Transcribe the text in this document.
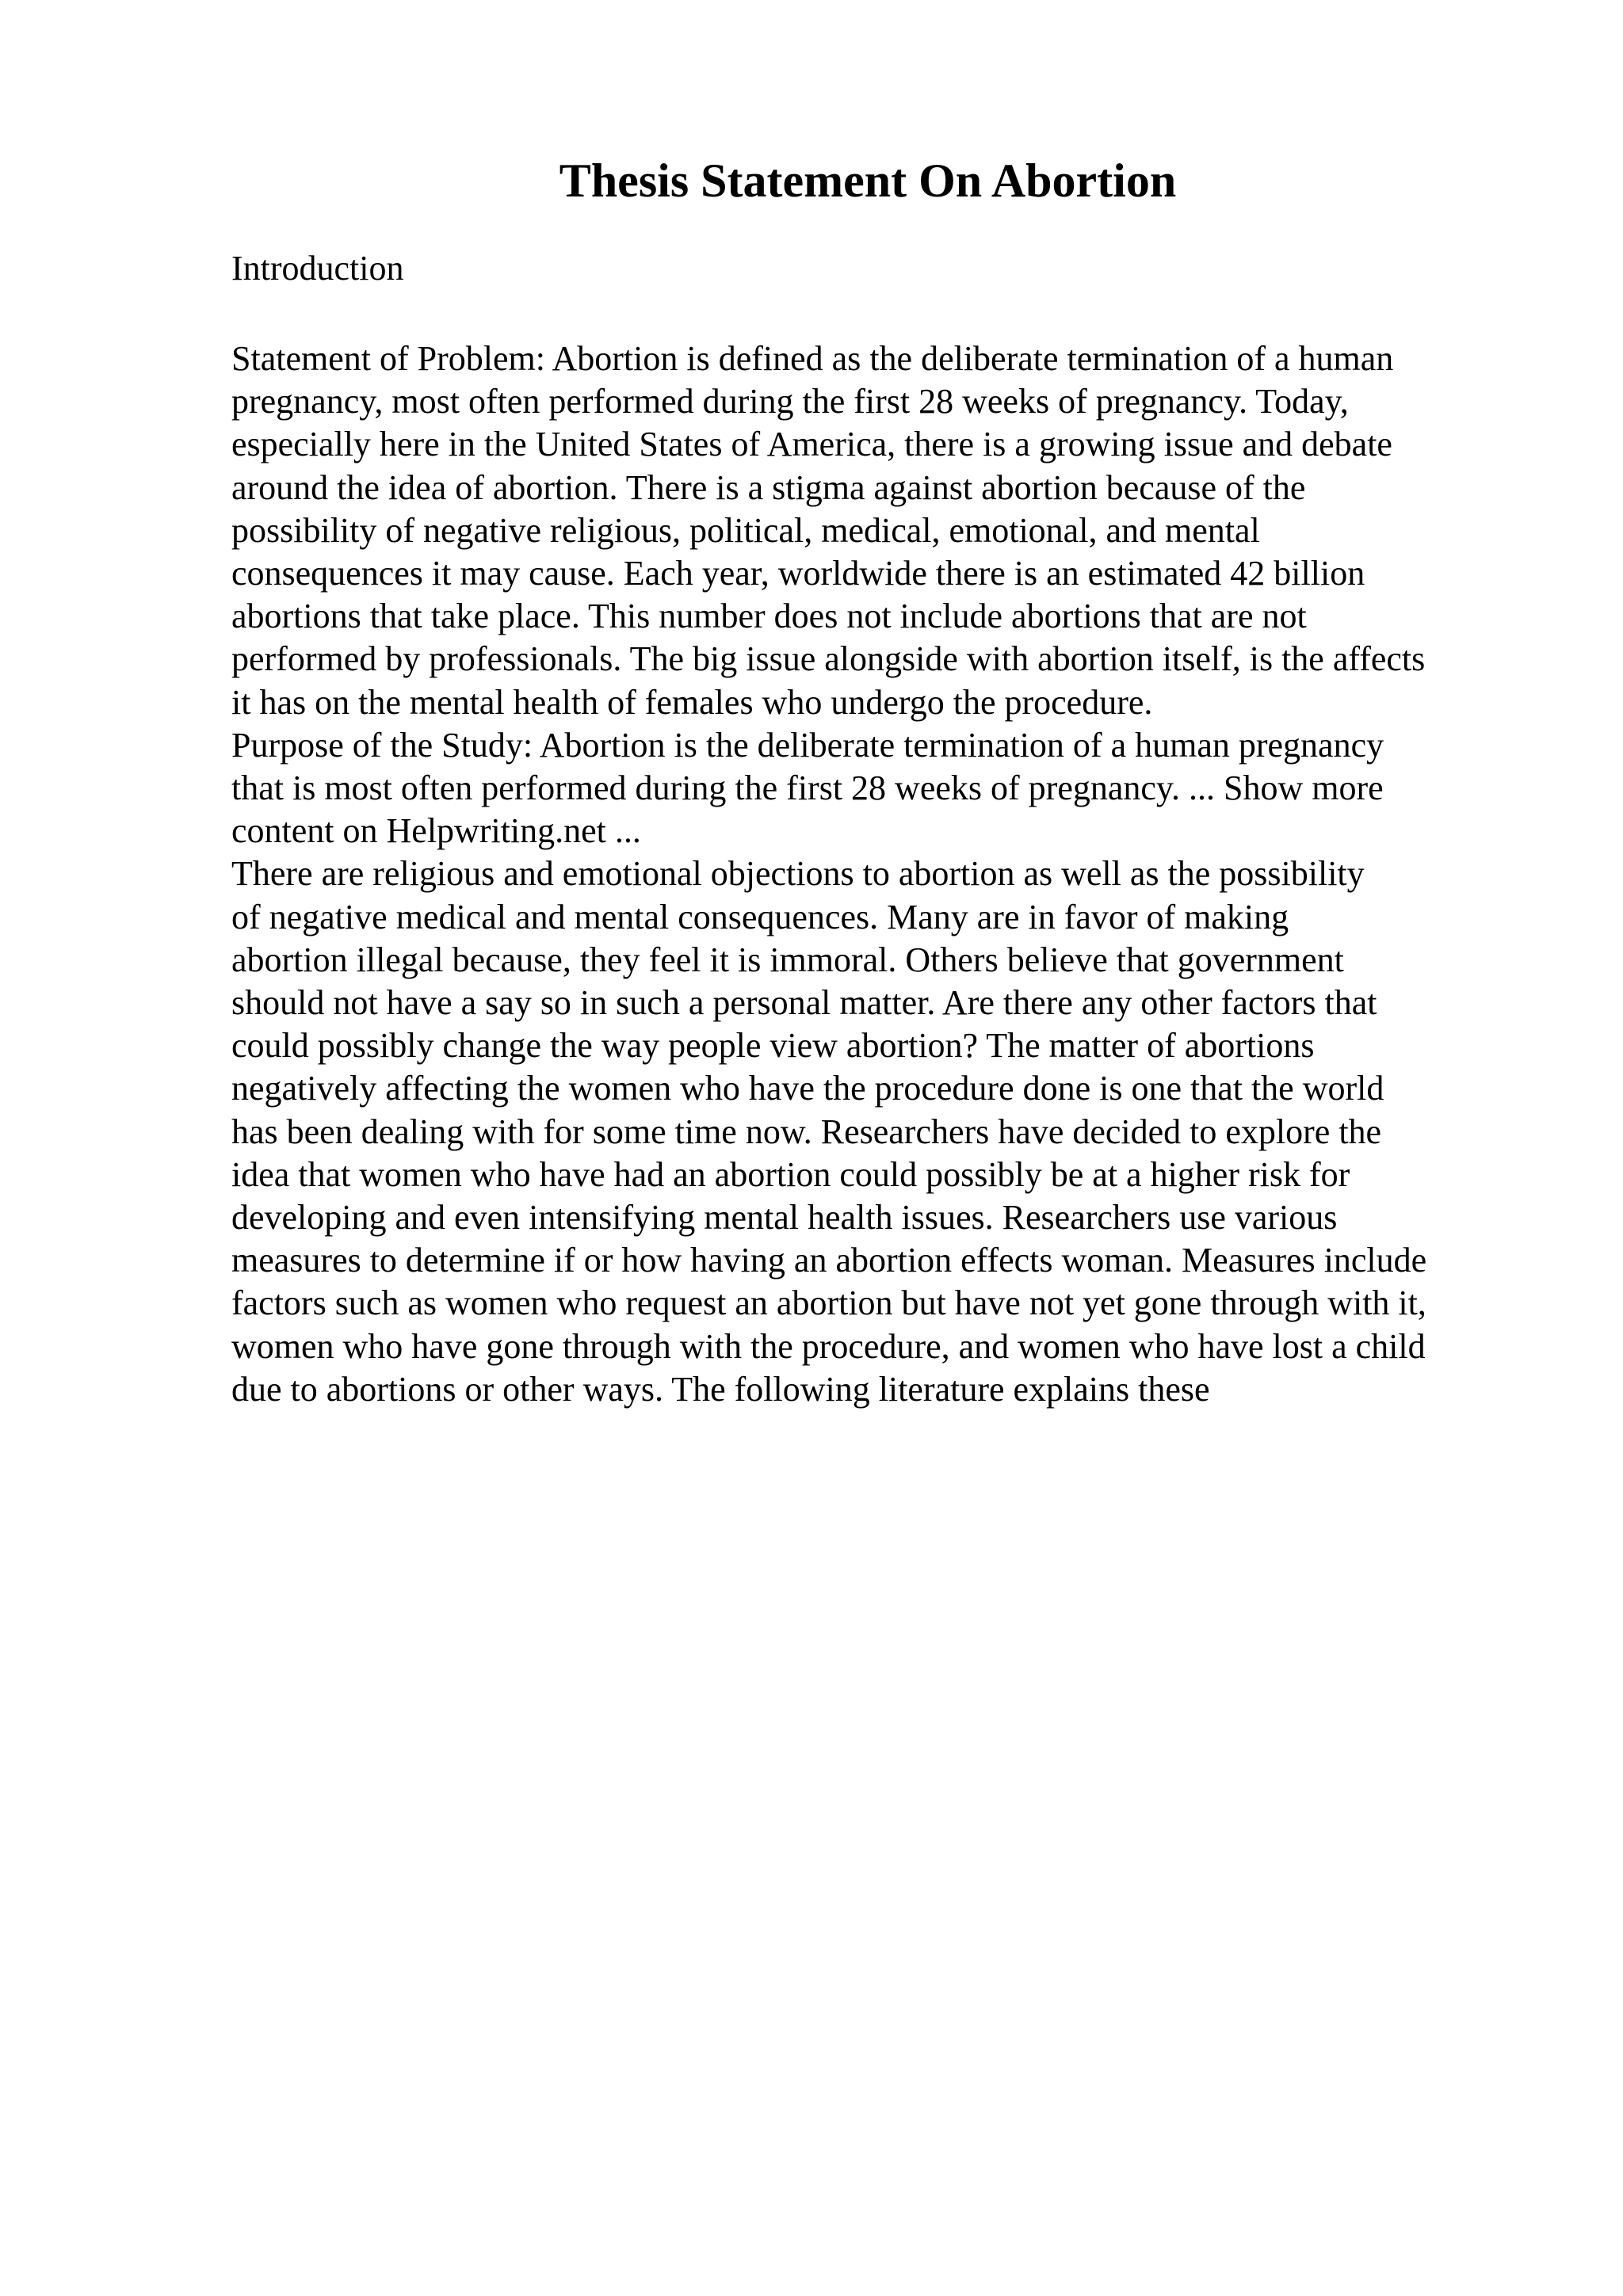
Thesis Statement On Abortion

Introduction

Statement of Problem: Abortion is defined as the deliberate termination of a human
pregnancy, most often performed during the first 28 weeks of pregnancy. Today,
especially here in the United States of America, there is a growing issue and debate
around the idea of abortion. There is a stigma against abortion because of the
possibility of negative religious, political, medical, emotional, and mental
consequences it may cause. Each year, worldwide there is an estimated 42 billion
abortions that take place. This number does not include abortions that are not
performed by professionals. The big issue alongside with abortion itself, is the affects
it has on the mental health of females who undergo the procedure.
Purpose of the Study: Abortion is the deliberate termination of a human pregnancy
that is most often performed during the first 28 weeks of pregnancy. ... Show more
content on Helpwriting.net ...
There are religious and emotional objections to abortion as well as the possibility
of negative medical and mental consequences. Many are in favor of making
abortion illegal because, they feel it is immoral. Others believe that government
should not have a say so in such a personal matter. Are there any other factors that
could possibly change the way people view abortion? The matter of abortions
negatively affecting the women who have the procedure done is one that the world
has been dealing with for some time now. Researchers have decided to explore the
idea that women who have had an abortion could possibly be at a higher risk for
developing and even intensifying mental health issues. Researchers use various
measures to determine if or how having an abortion effects woman. Measures include
factors such as women who request an abortion but have not yet gone through with it,
women who have gone through with the procedure, and women who have lost a child
due to abortions or other ways. The following literature explains these
